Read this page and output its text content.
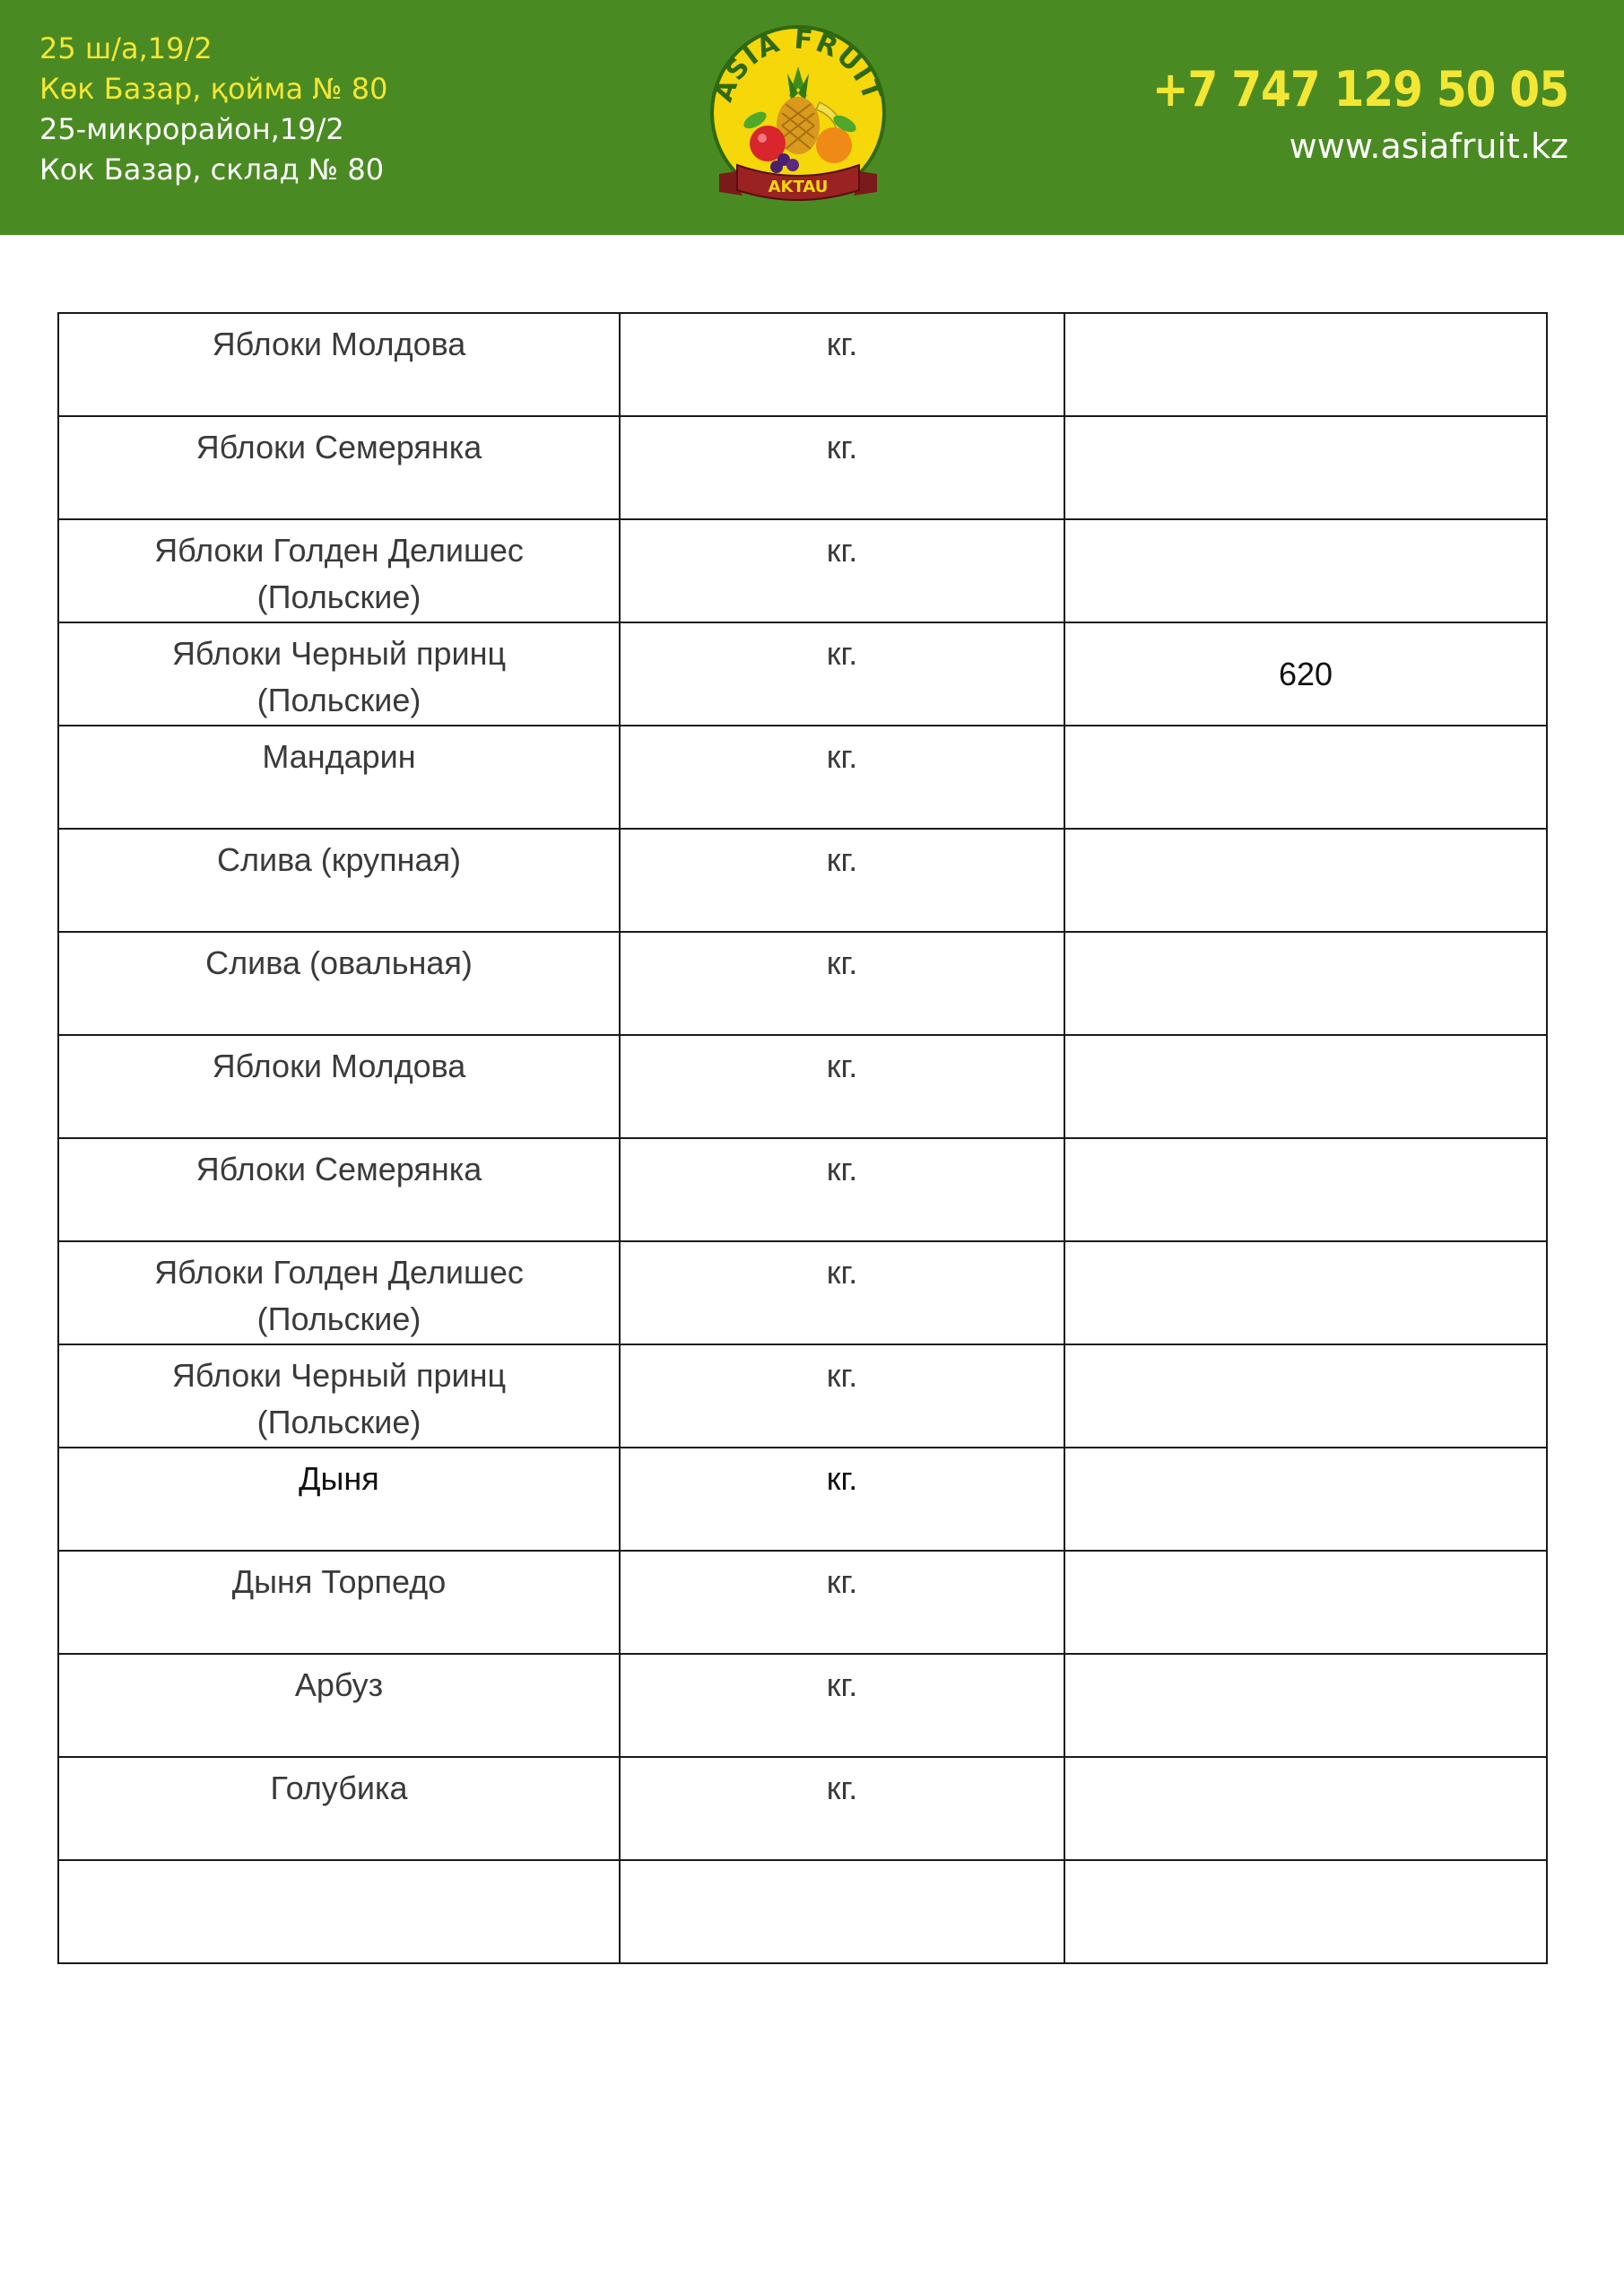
25 ш/а,19/2
Көк Базар, қойма № 80
25-микрорайон,19/2
Кок Базар, склад № 80
ASIA FRUIT
AKTAU
+7 747 129 50 05
www.asiafruit.kz
Яблоки Молдова	кг.	

Яблоки Семерянка	кг.	

Яблоки Голден Делишес
(Польские)	кг.	

Яблоки Черный принц
(Польские)	кг.	620

Мандарин	кг.	

Слива (крупная)	кг.	

Слива (овальная)	кг.	

Яблоки Молдова	кг.	

Яблоки Семерянка	кг.	

Яблоки Голден Делишес
(Польские)	кг.	

Яблоки Черный принц
(Польские)	кг.	

Дыня	кг.	

Дыня Торпедо	кг.	

Арбуз	кг.	

Голубика	кг.	
